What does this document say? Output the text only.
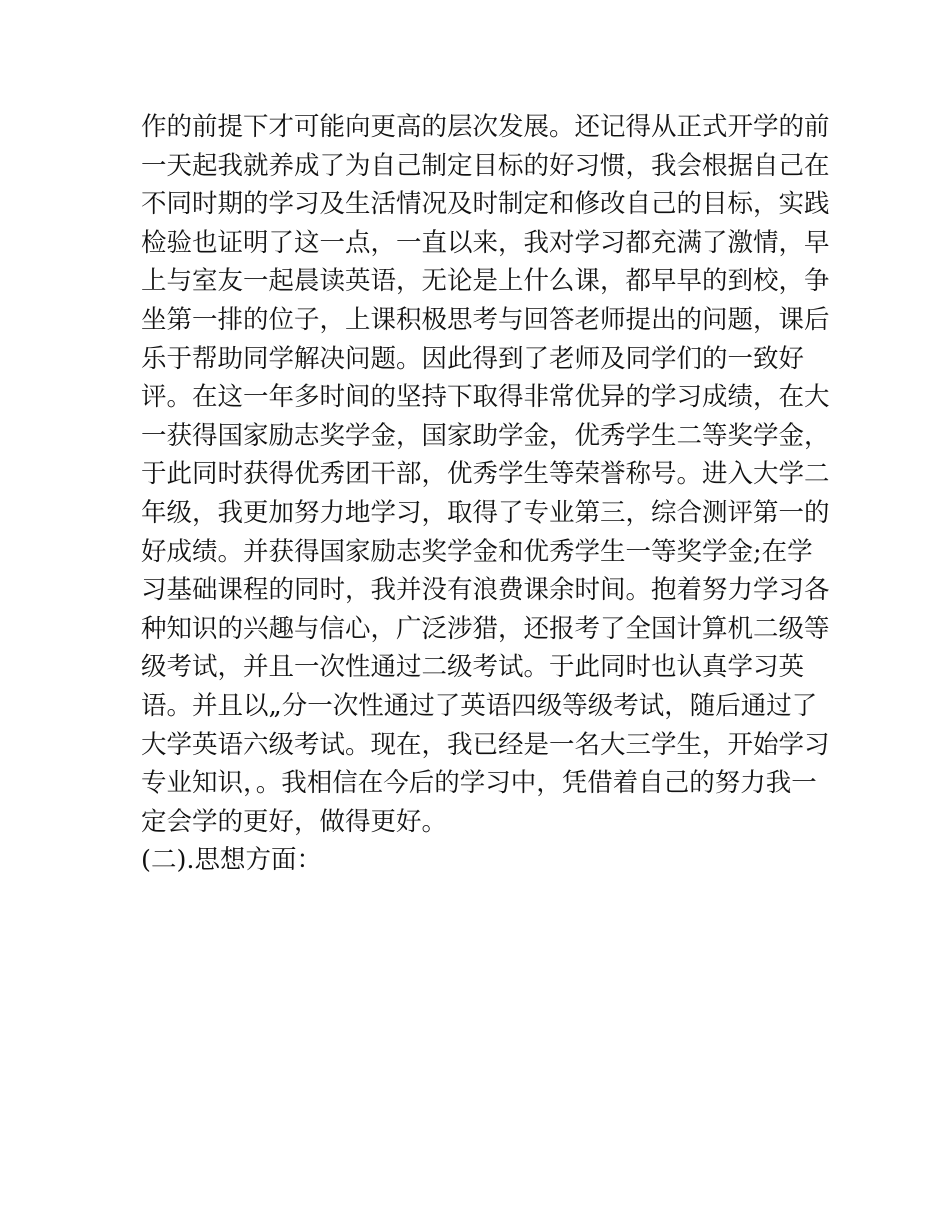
作的前提下才可能向更高的层次发展。还记得从正式开学的前
一天起我就养成了为自己制定目标的好习惯，我会根据自己在
不同时期的学习及生活情况及时制定和修改自己的目标，实践
检验也证明了这一点，一直以来，我对学习都充满了激情，早
上与室友一起晨读英语，无论是上什么课，都早早的到校，争
坐第一排的位子，上课积极思考与回答老师提出的问题，课后
乐于帮助同学解决问题。因此得到了老师及同学们的一致好
评。在这一年多时间的坚持下取得非常优异的学习成绩，在大
一获得国家励志奖学金，国家助学金，优秀学生二等奖学金，
于此同时获得优秀团干部，优秀学生等荣誉称号。进入大学二
年级，我更加努力地学习，取得了专业第三，综合测评第一的
好成绩。并获得国家励志奖学金和优秀学生一等奖学金;在学
习基础课程的同时，我并没有浪费课余时间。抱着努力学习各
种知识的兴趣与信心，广泛涉猎，还报考了全国计算机二级等
级考试，并且一次性通过二级考试。于此同时也认真学习英
语。并且以„分一次性通过了英语四级等级考试，随后通过了
大学英语六级考试。现在，我已经是一名大三学生，开始学习
专业知识，。我相信在今后的学习中，凭借着自己的努力我一
定会学的更好，做得更好。
(二).思想方面：
